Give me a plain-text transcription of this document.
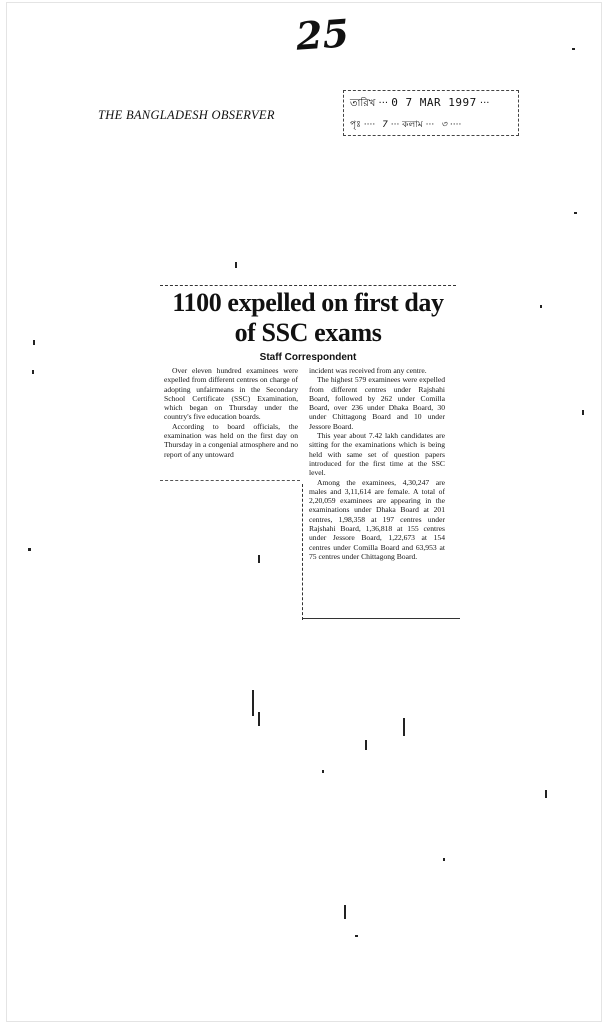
25
THE BANGLADESH OBSERVER
তারিখ ··· 0 7 MAR 1997 ···
পৃঃ ···· 7 ··· কলাম ··· ৩ ····
1100 expelled on first day of SSC exams
Staff Correspondent

Over eleven hundred examinees were expelled from different centres on charge of adopting unfairmeans in the Secondary School Certificate (SSC) Examination, which began on Thursday under the country's five education boards.

According to board officials, the examination was held on the first day on Thursday in a congenial atmosphere and no report of any untoward

incident was received from any centre.

The highest 579 examinees were expelled from different centres under Rajshahi Board, followed by 262 under Comilla Board, over 236 under Dhaka Board, 30 under Chittagong Board and 10 under Jessore Board.

This year about 7.42 lakh candidates are sitting for the examinations which is being held with same set of question papers introduced for the first time at the SSC level.

Among the examinees, 4,30,247 are males and 3,11,614 are female. A total of 2,20,059 examinees are appearing in the examinations under Dhaka Board at 201 centres, 1,98,358 at 197 centres under Rajshahi Board, 1,36,818 at 155 centres under Jessore Board, 1,22,673 at 154 centres under Comilla Board and 63,953 at 75 centres under Chittagong Board.
